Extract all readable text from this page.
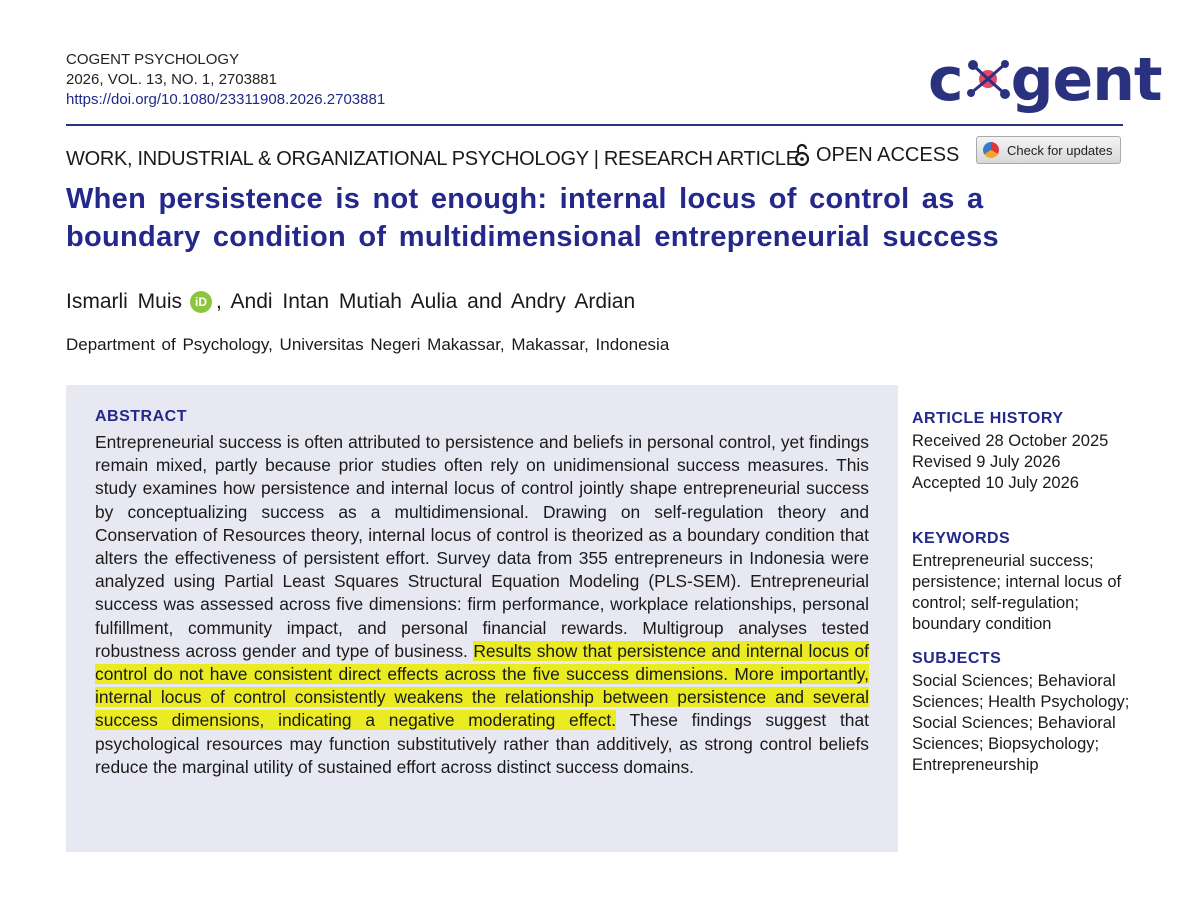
COGENT PSYCHOLOGY
2026, VOL. 13, NO. 1, 2703881
https://doi.org/10.1080/23311908.2026.2703881	c gent
WORK, INDUSTRIAL & ORGANIZATIONAL PSYCHOLOGY | RESEARCH ARTICLE OPEN ACCESS	Check for updates
When persistence is not enough: internal locus of control as a boundary condition of multidimensional entrepreneurial success
Ismarli Muis	iD , Andi Intan Mutiah Aulia and Andry Ardian
Department of Psychology, Universitas Negeri Makassar, Makassar, Indonesia
ABSTRACT
Entrepreneurial success is often attributed to persistence and beliefs in personal control, yet findings remain mixed, partly because prior studies often rely on unidimensional success measures. This study examines how persistence and internal locus of control jointly shape entrepreneurial success by conceptualizing success as a multidimensional. Drawing on self-regulation theory and Conservation of Resources theory, internal locus of control is theorized as a boundary condition that alters the effectiveness of persistent effort. Survey data from 355 entrepreneurs in Indonesia were analyzed using Partial Least Squares Structural Equation Modeling (PLS-SEM). Entrepreneurial success was assessed across five dimensions: firm performance, workplace relationships, personal fulfillment, community impact, and personal financial rewards. Multigroup analyses tested robustness across gender and type of business. Results show that persistence and internal locus of control do not have consistent direct effects across the five success dimensions. More importantly, internal locus of control consistently weakens the relationship between persistence and several success dimensions, indicating a negative moderating effect. These findings suggest that psychological resources may function substitutively rather than additively, as strong control beliefs reduce the marginal utility of sustained effort across distinct success domains.
ARTICLE HISTORY

Received 28 October 2025

Revised 9 July 2026

Accepted 10 July 2026

KEYWORDS

Entrepreneurial success; persistence; internal locus of control; self-regulation; boundary condition

SUBJECTS

Social Sciences; Behavioral Sciences; Health Psychology; Social Sciences; Behavioral Sciences; Biopsychology; Entrepreneurship
